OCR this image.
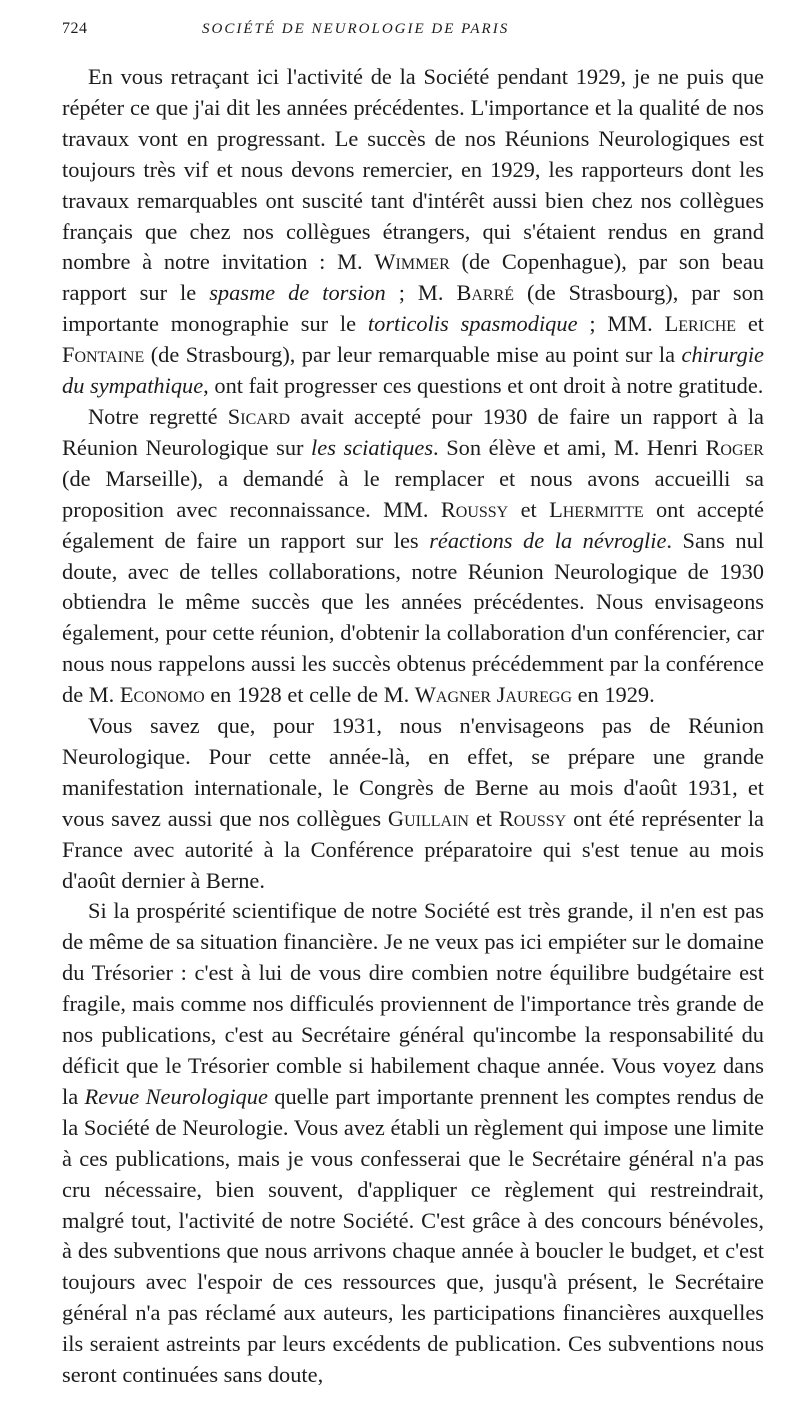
724	SOCIÉTÉ DE NEUROLOGIE DE PARIS

En vous retraçant ici l'activité de la Société pendant 1929, je ne puis que répéter ce que j'ai dit les années précédentes. L'importance et la qualité de nos travaux vont en progressant. Le succès de nos Réunions Neurologiques est toujours très vif et nous devons remercier, en 1929, les rapporteurs dont les travaux remarquables ont suscité tant d'intérêt aussi bien chez nos collègues français que chez nos collègues étrangers, qui s'étaient rendus en grand nombre à notre invitation : M. Wimmer (de Copenhague), par son beau rapport sur le spasme de torsion ; M. Barré (de Strasbourg), par son importante monographie sur le torticolis spasmodique ; MM. Leriche et Fontaine (de Strasbourg), par leur remarquable mise au point sur la chirurgie du sympathique, ont fait progresser ces questions et ont droit à notre gratitude.

Notre regretté Sicard avait accepté pour 1930 de faire un rapport à la Réunion Neurologique sur les sciatiques. Son élève et ami, M. Henri Roger (de Marseille), a demandé à le remplacer et nous avons accueilli sa proposition avec reconnaissance. MM. Roussy et Lhermitte ont accepté également de faire un rapport sur les réactions de la névroglie. Sans nul doute, avec de telles collaborations, notre Réunion Neurologique de 1930 obtiendra le même succès que les années précédentes. Nous envisageons également, pour cette réunion, d'obtenir la collaboration d'un conférencier, car nous nous rappelons aussi les succès obtenus précédemment par la conférence de M. Economo en 1928 et celle de M. Wagner Jauregg en 1929.

Vous savez que, pour 1931, nous n'envisageons pas de Réunion Neurologique. Pour cette année-là, en effet, se prépare une grande manifestation internationale, le Congrès de Berne au mois d'août 1931, et vous savez aussi que nos collègues Guillain et Roussy ont été représenter la France avec autorité à la Conférence préparatoire qui s'est tenue au mois d'août dernier à Berne.

Si la prospérité scientifique de notre Société est très grande, il n'en est pas de même de sa situation financière. Je ne veux pas ici empiéter sur le domaine du Trésorier : c'est à lui de vous dire combien notre équilibre budgétaire est fragile, mais comme nos difficulés proviennent de l'importance très grande de nos publications, c'est au Secrétaire général qu'incombe la responsabilité du déficit que le Trésorier comble si habilement chaque année. Vous voyez dans la Revue Neurologique quelle part importante prennent les comptes rendus de la Société de Neurologie. Vous avez établi un règlement qui impose une limite à ces publications, mais je vous confesserai que le Secrétaire général n'a pas cru nécessaire, bien souvent, d'appliquer ce règlement qui restreindrait, malgré tout, l'activité de notre Société. C'est grâce à des concours bénévoles, à des subventions que nous arrivons chaque année à boucler le budget, et c'est toujours avec l'espoir de ces ressources que, jusqu'à présent, le Secrétaire général n'a pas réclamé aux auteurs, les participations financières auxquelles ils seraient astreints par leurs excédents de publication. Ces subventions nous seront continuées sans doute,
